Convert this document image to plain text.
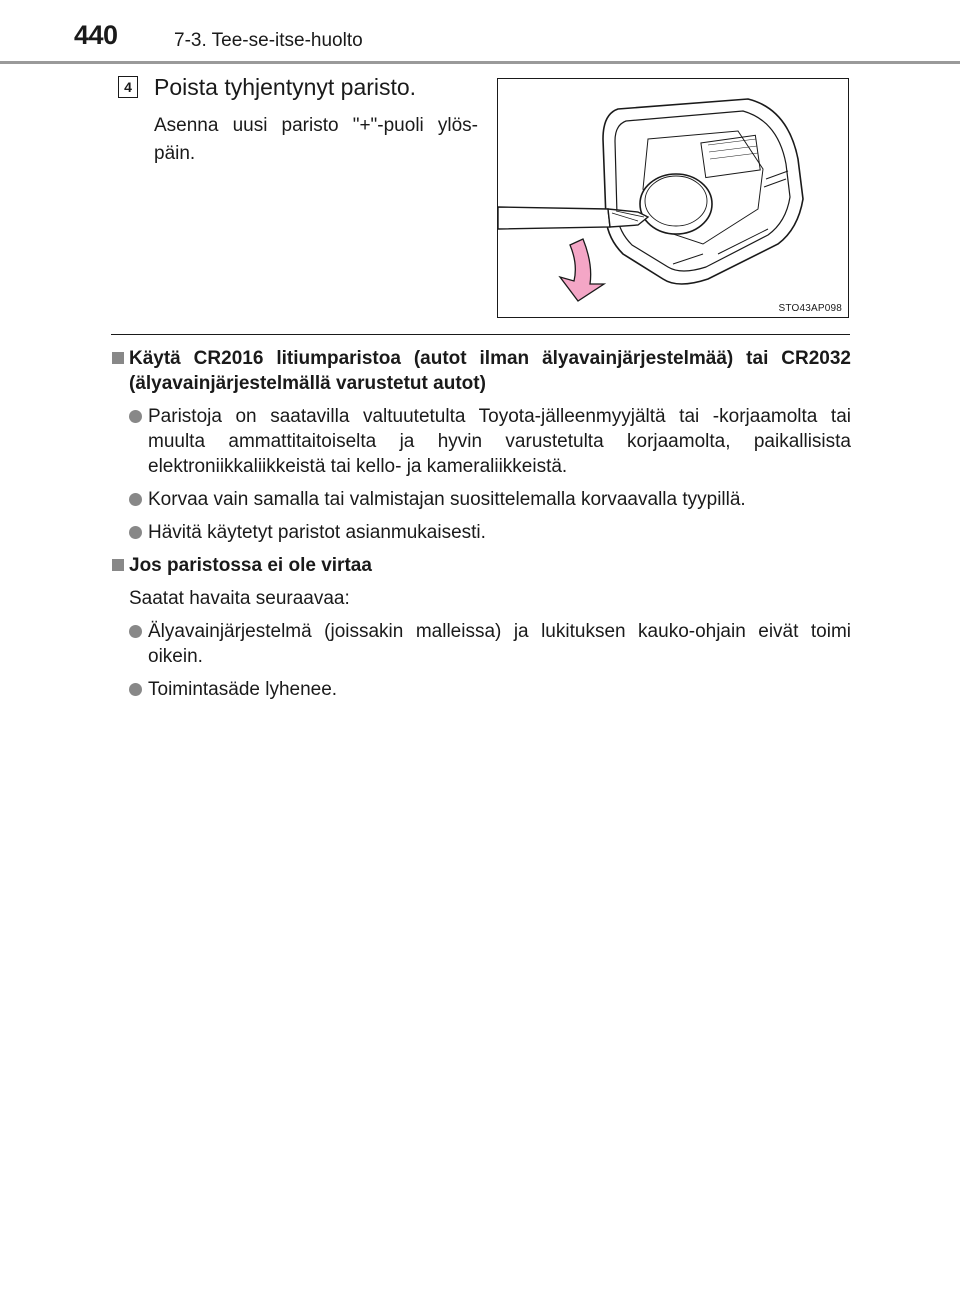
440	7-3. Tee-se-itse-huolto
4 Poista tyhjentynyt paristo.
Asenna uusi paristo "+"-puoli ylös-päin.
STO43AP098
Käytä CR2016 litiumparistoa (autot ilman älyavainjärjestelmää) tai CR2032 (älyavainjärjestelmällä varustetut autot)
Paristoja on saatavilla valtuutetulta Toyota-jälleenmyyjältä tai -korjaamolta tai muulta ammattitaitoiselta ja hyvin varustetulta korjaamolta, paikallisista elektroniikkaliikkeistä tai kello- ja kameraliikkeistä.
Korvaa vain samalla tai valmistajan suosittelemalla korvaavalla tyypillä.
Hävitä käytetyt paristot asianmukaisesti.
Jos paristossa ei ole virtaa
Saatat havaita seuraavaa:
Älyavainjärjestelmä (joissakin malleissa) ja lukituksen kauko-ohjain eivät toimi oikein.
Toimintasäde lyhenee.
